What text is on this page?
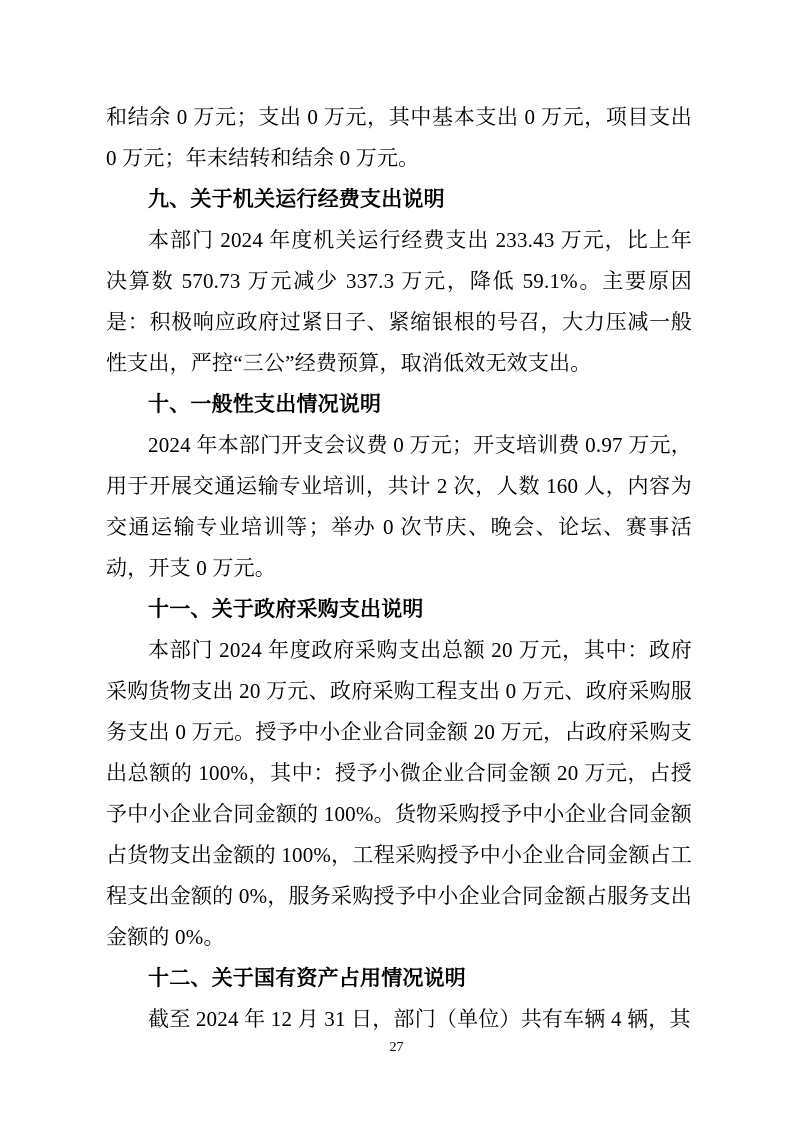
和结余 0 万元；支出 0 万元，其中基本支出 0 万元，项目支出 0 万元；年末结转和结余 0 万元。

九、关于机关运行经费支出说明

本部门 2024 年度机关运行经费支出 233.43 万元，比上年决算数 570.73 万元减少 337.3 万元，降低 59.1%。主要原因是：积极响应政府过紧日子、紧缩银根的号召，大力压减一般性支出，严控“三公”经费预算，取消低效无效支出。

十、一般性支出情况说明

2024 年本部门开支会议费 0 万元；开支培训费 0.97 万元，用于开展交通运输专业培训，共计 2 次，人数 160 人，内容为交通运输专业培训等；举办 0 次节庆、晚会、论坛、赛事活动，开支 0 万元。

十一、关于政府采购支出说明

本部门 2024 年度政府采购支出总额 20 万元，其中：政府采购货物支出 20 万元、政府采购工程支出 0 万元、政府采购服务支出 0 万元。授予中小企业合同金额 20 万元，占政府采购支出总额的 100%，其中：授予小微企业合同金额 20 万元，占授予中小企业合同金额的 100%。货物采购授予中小企业合同金额占货物支出金额的 100%，工程采购授予中小企业合同金额占工程支出金额的 0%，服务采购授予中小企业合同金额占服务支出金额的 0%。

十二、关于国有资产占用情况说明

截至 2024 年 12 月 31 日，部门（单位）共有车辆 4 辆，其

27
